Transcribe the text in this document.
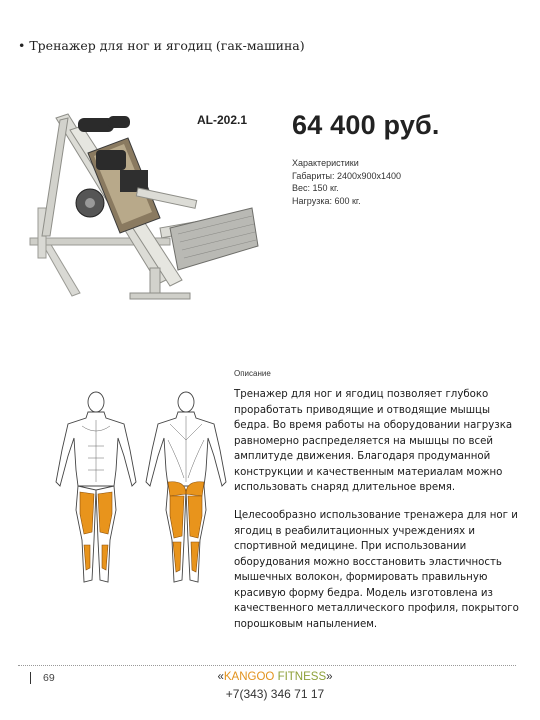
• Тренажер для ног и ягодиц (гак-машина)
AL-202.1 64 400 руб.
Характеристики
Габариты: 2400х900х1400
Вес: 150 кг.
Нагрузка: 600 кг.
Описание
Тренажер для ног и ягодиц позволяет глубоко проработать приводящие и отводящие мышцы бедра. Во время работы на оборудовании нагрузка равномерно распределяется на мышцы по всей амплитуде движения. Благодаря продуманной конструкции и качественным материалам можно использовать снаряд длительное время.
Целесообразно использование тренажера для ног и ягодиц в реабилитационных учреждениях и спортивной медицине. При использовании оборудования можно восстановить эластичность мышечных волокон, формировать правильную красивую форму бедра. Модель изготовлена из качественного металлического профиля, покрытого порошковым напылением.
69	«KANGOO FITNESS»
+7(343) 346 71 17
